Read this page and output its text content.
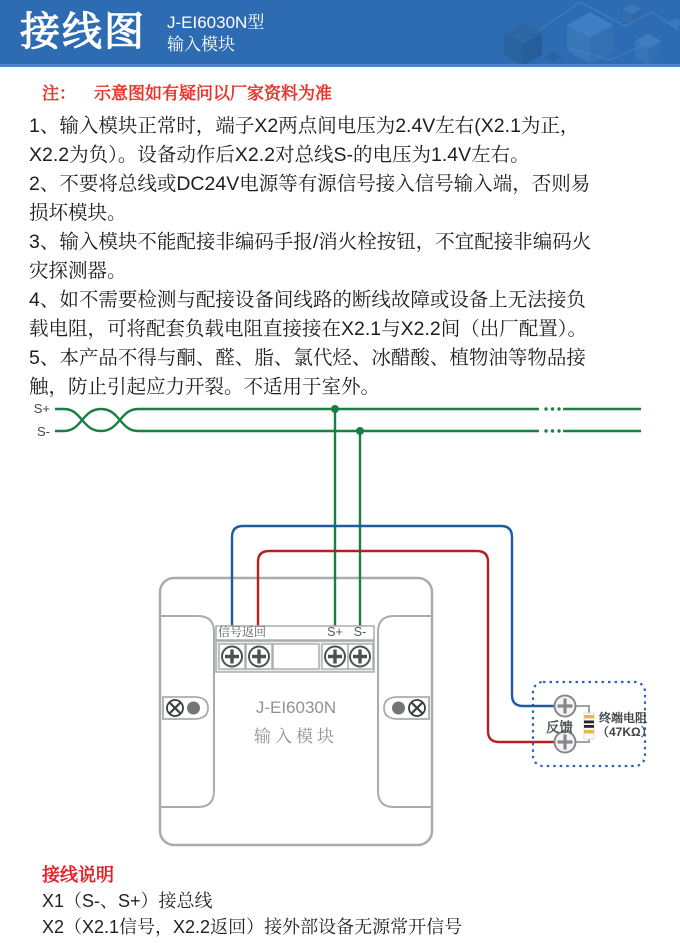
接线图 J-EI6030N型
输入模块
注： 示意图如有疑问以厂家资料为准
1、输入模块正常时，端子X2两点间电压为2.4V左右(X2.1为正，
X2.2为负）。设备动作后X2.2对总线S-的电压为1.4V左右。
2、不要将总线或DC24V电源等有源信号接入信号输入端，否则易
损坏模块。
3、输入模块不能配接非编码手报/消火栓按钮，不宜配接非编码火
灾探测器。
4、如不需要检测与配接设备间线路的断线故障或设备上无法接负
载电阻，可将配套负载电阻直接接在X2.1与X2.2间（出厂配置）。
5、本产品不得与酮、醛、脂、氯代烃、冰醋酸、植物油等物品接
触，防止引起应力开裂。不适用于室外。
S+
S-
信号返回	S+ S-
J-EI6030N
输入模块	反馈
终端电阻
（47KΩ）
接线说明
X1（S-、S+）接总线
X2（X2.1信号，X2.2返回）接外部设备无源常开信号
